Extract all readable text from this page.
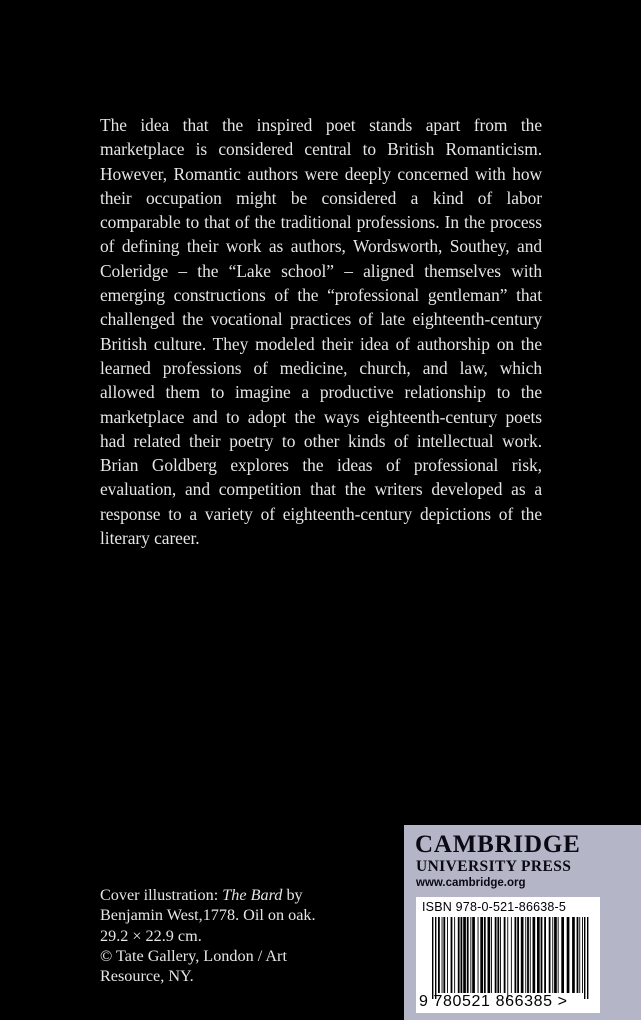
The idea that the inspired poet stands apart from the marketplace is considered central to British Romanticism. However, Romantic authors were deeply concerned with how their occupation might be considered a kind of labor comparable to that of the traditional professions. In the process of defining their work as authors, Wordsworth, Southey, and Coleridge – the “Lake school” – aligned themselves with emerging constructions of the “professional gentleman” that challenged the vocational practices of late eighteenth-century British culture. They modeled their idea of authorship on the learned professions of medicine, church, and law, which allowed them to imagine a productive relationship to the marketplace and to adopt the ways eighteenth-century poets had related their poetry to other kinds of intellectual work. Brian Goldberg explores the ideas of professional risk, evaluation, and competition that the writers developed as a response to a variety of eighteenth-century depictions of the literary career.
Cover illustration: The Bard by
Benjamin West,1778. Oil on oak.
29.2 × 22.9 cm.
© Tate Gallery, London / Art
Resource, NY.
CAMBRIDGE
UNIVERSITY PRESS
www.cambridge.org
ISBN 978-0-521-86638-5
9 780521 866385 >
